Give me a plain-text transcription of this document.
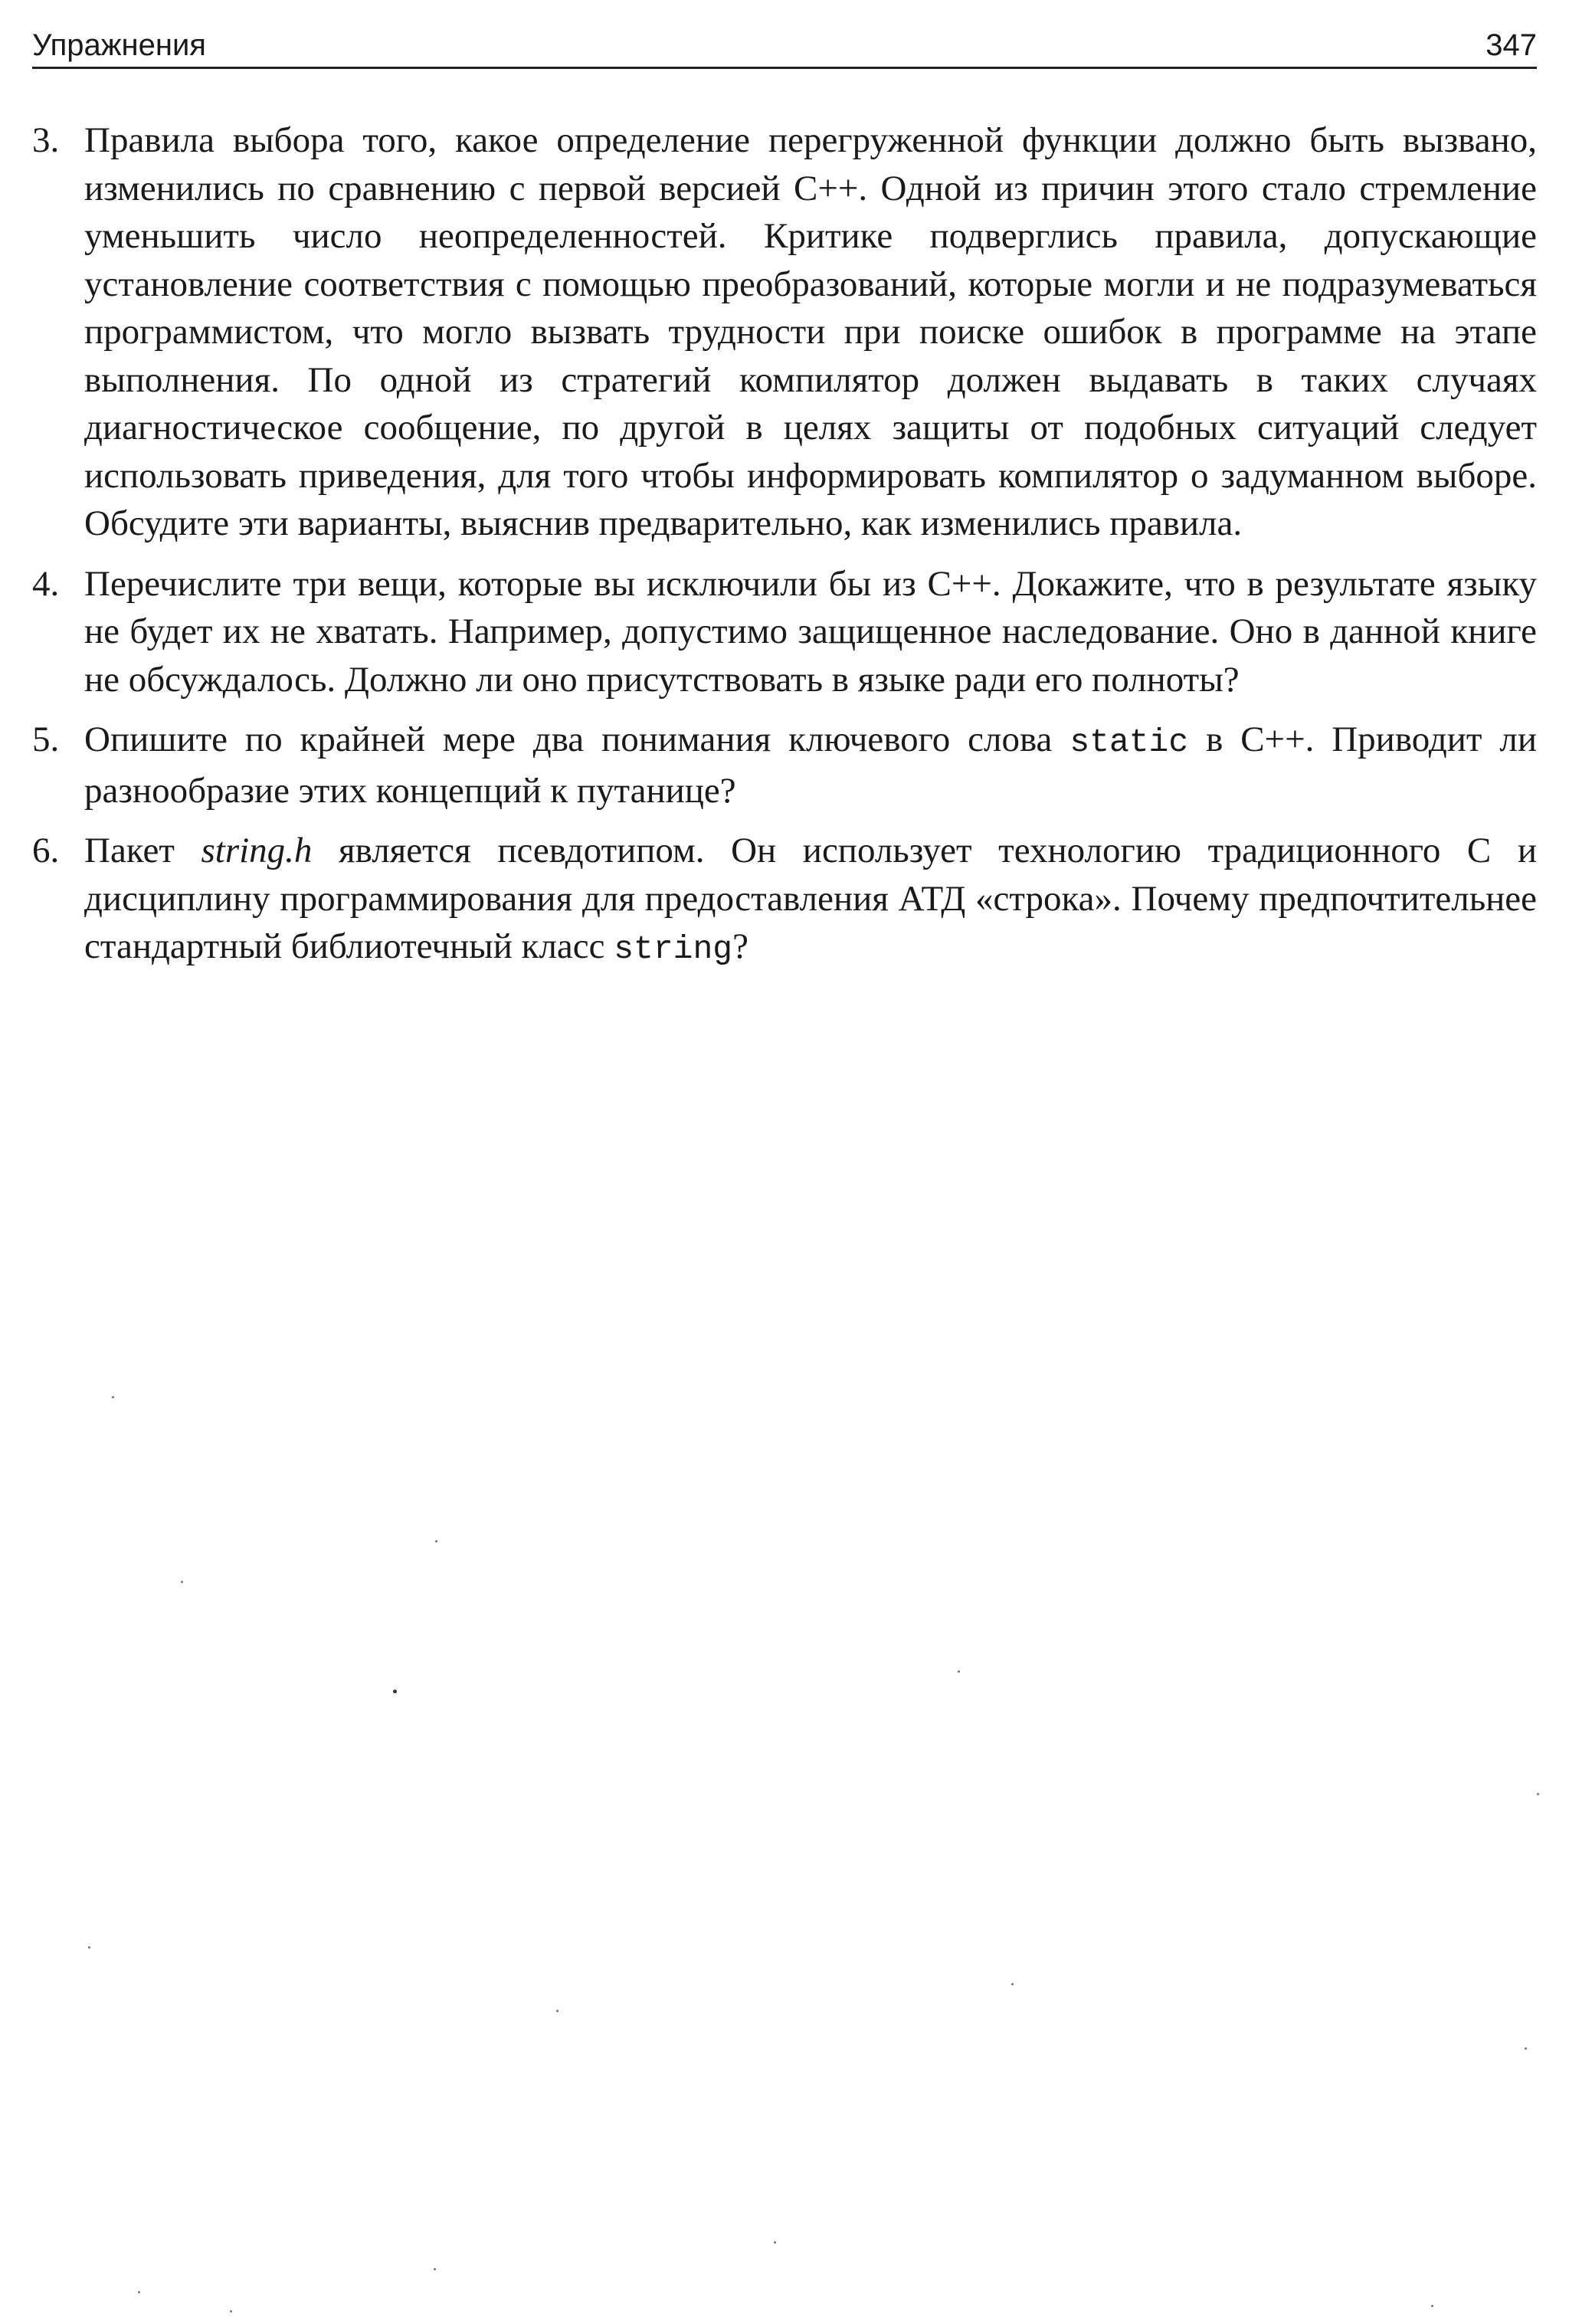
Упражнения	347
3. Правила выбора того, какое определение перегруженной функции должно быть вызвано, изменились по сравнению с первой версией С++. Одной из причин этого стало стремление уменьшить число неопределенностей. Критике подверглись правила, допускающие установление соответствия с помощью преобразований, которые могли и не подразумеваться программистом, что могло вызвать трудности при поиске ошибок в программе на этапе выполнения. По одной из стратегий компилятор должен выдавать в таких случаях диагностическое сообщение, по другой в целях защиты от подобных ситуаций следует использовать приведения, для того чтобы информировать компилятор о задуманном выборе. Обсудите эти варианты, выяснив предварительно, как изменились правила.
4. Перечислите три вещи, которые вы исключили бы из С++. Докажите, что в результате языку не будет их не хватать. Например, допустимо защищенное наследование. Оно в данной книге не обсуждалось. Должно ли оно присутствовать в языке ради его полноты?
5. Опишите по крайней мере два понимания ключевого слова static в С++. Приводит ли разнообразие этих концепций к путанице?
6. Пакет string.h является псевдотипом. Он использует технологию традиционного С и дисциплину программирования для предоставления АТД «строка». Почему предпочтительнее стандартный библиотечный класс string?
